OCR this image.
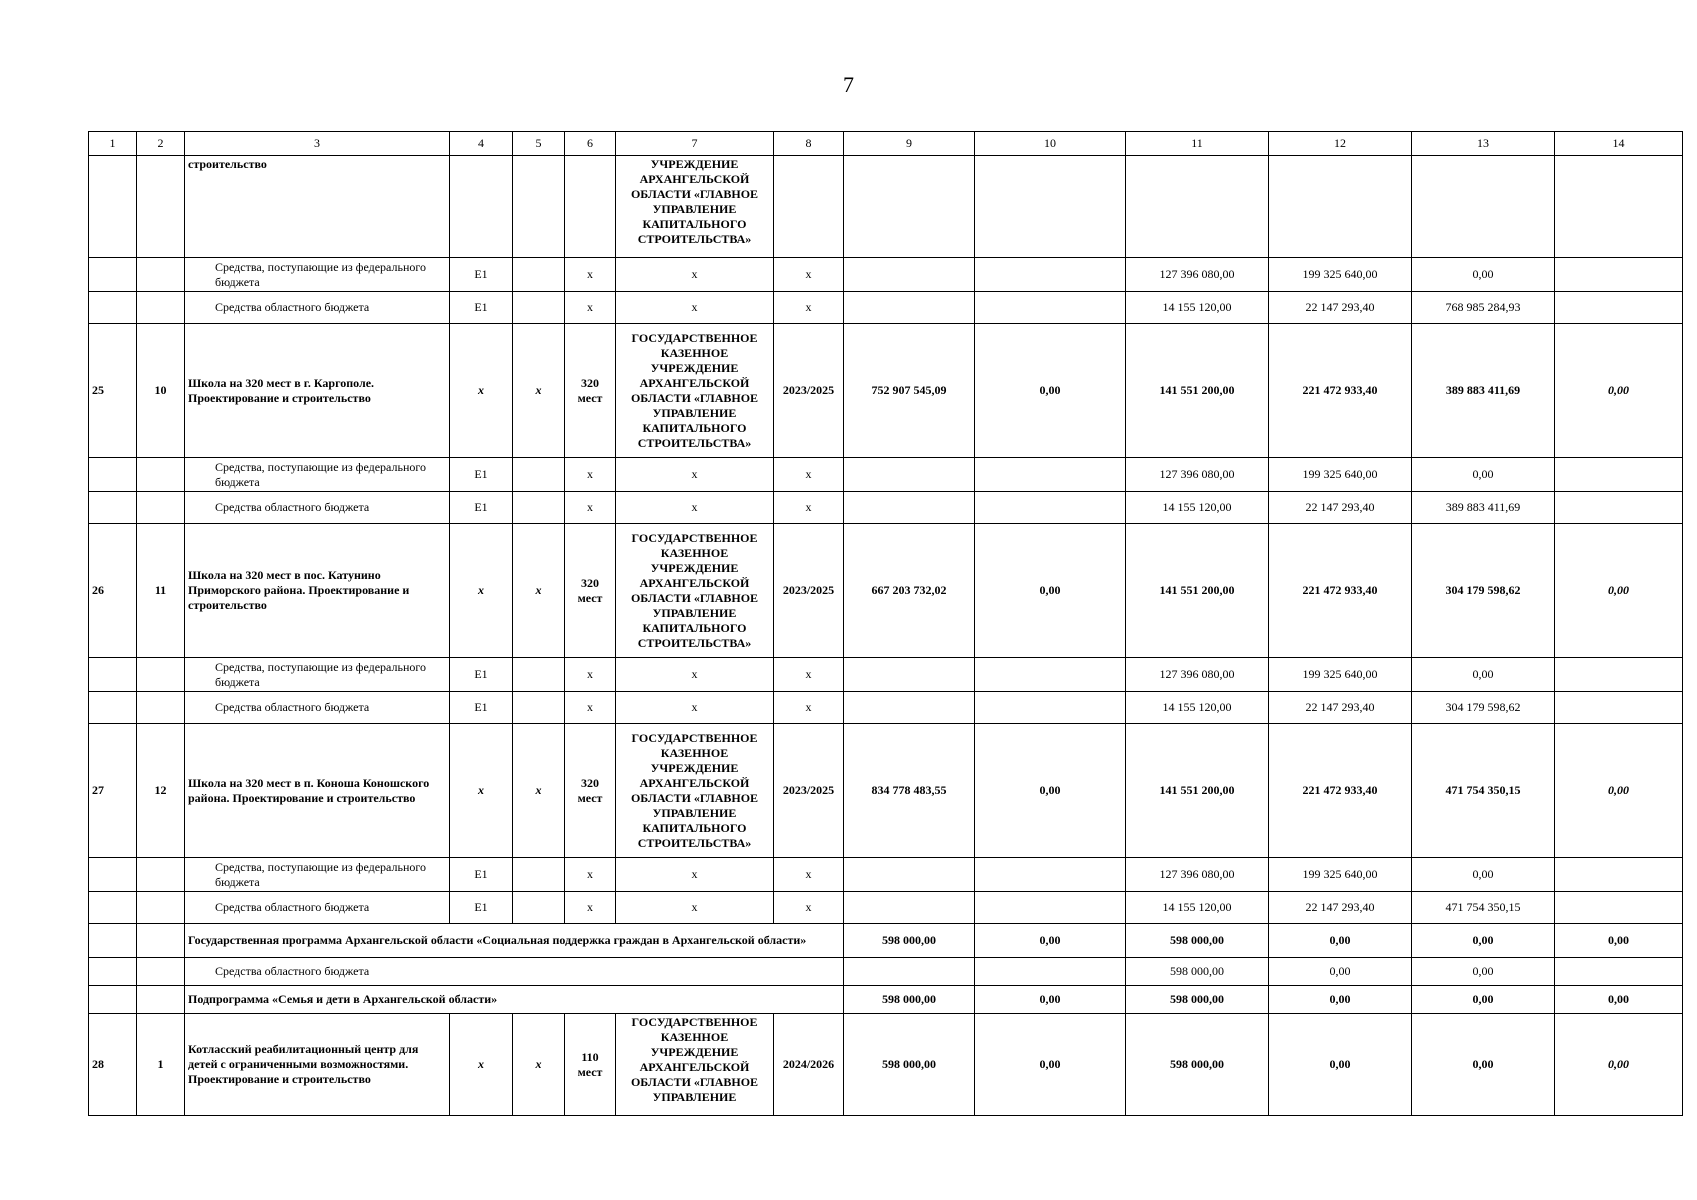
7
1	2	3	4	5	6	7	8	9	10	11	12	13	14
		строительство				УЧРЕЖДЕНИЕ АРХАНГЕЛЬСКОЙ ОБЛАСТИ «ГЛАВНОЕ УПРАВЛЕНИЕ КАПИТАЛЬНОГО СТРОИТЕЛЬСТВА»							
		Средства, поступающие из федерального бюджета	Е1		х	х	х			127 396 080,00	199 325 640,00	0,00	
		Средства областного бюджета	Е1		х	х	х			14 155 120,00	22 147 293,40	768 985 284,93	
25	10	Школа на 320 мест в г. Каргополе. Проектирование и строительство	х	х	320 мест	ГОСУДАРСТВЕННОЕ КАЗЕННОЕ УЧРЕЖДЕНИЕ АРХАНГЕЛЬСКОЙ ОБЛАСТИ «ГЛАВНОЕ УПРАВЛЕНИЕ КАПИТАЛЬНОГО СТРОИТЕЛЬСТВА»	2023/2025	752 907 545,09	0,00	141 551 200,00	221 472 933,40	389 883 411,69	0,00
		Средства, поступающие из федерального бюджета	Е1		х	х	х			127 396 080,00	199 325 640,00	0,00	
		Средства областного бюджета	Е1		х	х	х			14 155 120,00	22 147 293,40	389 883 411,69	
26	11	Школа на 320 мест в пос. Катунино Приморского района. Проектирование и строительство	х	х	320 мест	ГОСУДАРСТВЕННОЕ КАЗЕННОЕ УЧРЕЖДЕНИЕ АРХАНГЕЛЬСКОЙ ОБЛАСТИ «ГЛАВНОЕ УПРАВЛЕНИЕ КАПИТАЛЬНОГО СТРОИТЕЛЬСТВА»	2023/2025	667 203 732,02	0,00	141 551 200,00	221 472 933,40	304 179 598,62	0,00
		Средства, поступающие из федерального бюджета	Е1		х	х	х			127 396 080,00	199 325 640,00	0,00	
		Средства областного бюджета	Е1		х	х	х			14 155 120,00	22 147 293,40	304 179 598,62	
27	12	Школа на 320 мест в п. Коноша Коношского района. Проектирование и строительство	х	х	320 мест	ГОСУДАРСТВЕННОЕ КАЗЕННОЕ УЧРЕЖДЕНИЕ АРХАНГЕЛЬСКОЙ ОБЛАСТИ «ГЛАВНОЕ УПРАВЛЕНИЕ КАПИТАЛЬНОГО СТРОИТЕЛЬСТВА»	2023/2025	834 778 483,55	0,00	141 551 200,00	221 472 933,40	471 754 350,15	0,00
		Средства, поступающие из федерального бюджета	Е1		х	х	х			127 396 080,00	199 325 640,00	0,00	
		Средства областного бюджета	Е1		х	х	х			14 155 120,00	22 147 293,40	471 754 350,15	
		Государственная программа Архангельской области «Социальная поддержка граждан в Архангельской области»						598 000,00	0,00	598 000,00	0,00	0,00	0,00
		Средства областного бюджета								598 000,00	0,00	0,00	
		Подпрограмма «Семья и дети в Архангельской области»						598 000,00	0,00	598 000,00	0,00	0,00	0,00
28	1	Котласский реабилитационный центр для детей с ограниченными возможностями. Проектирование и строительство	х	х	110 мест	ГОСУДАРСТВЕННОЕ КАЗЕННОЕ УЧРЕЖДЕНИЕ АРХАНГЕЛЬСКОЙ ОБЛАСТИ «ГЛАВНОЕ УПРАВЛЕНИЕ	2024/2026	598 000,00	0,00	598 000,00	0,00	0,00	0,00
